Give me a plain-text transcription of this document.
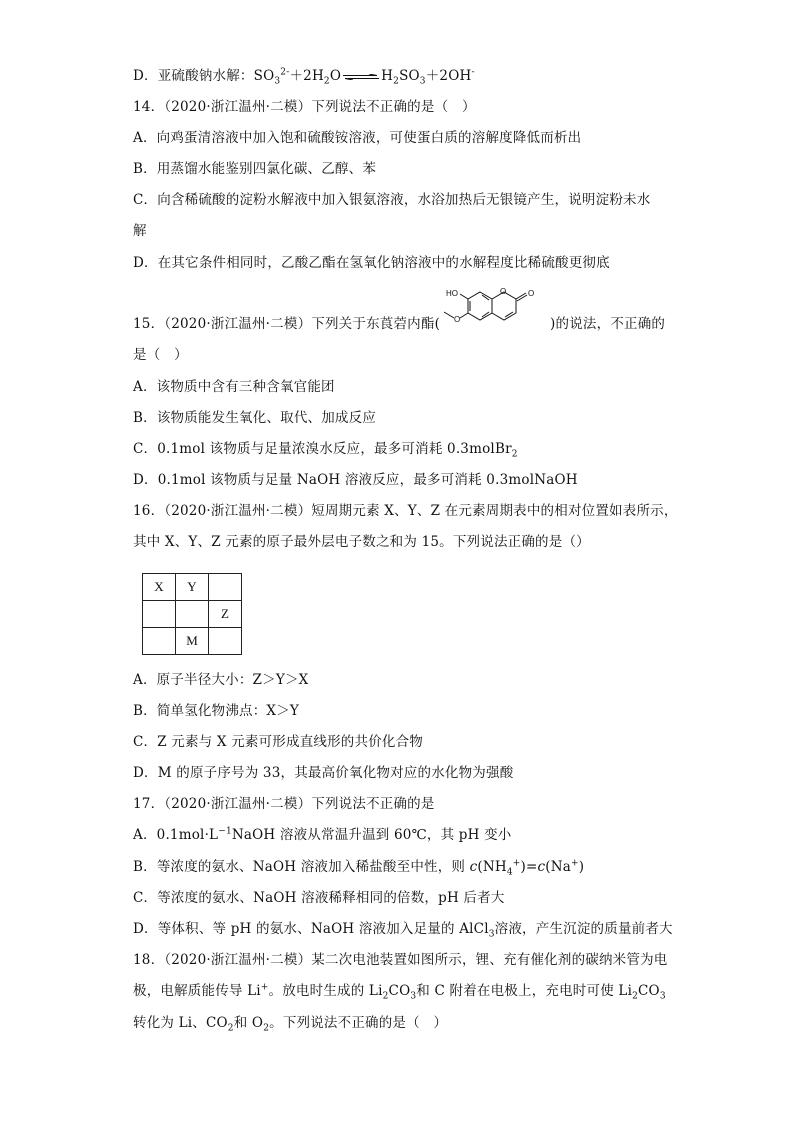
D．亚硫酸钠水解：$SO_3^{2-}+2H_2O$ ⇌ $H_2SO_3+2OH^-$
14．（2020·浙江温州·二模）下列说法不正确的是（　）
A．向鸡蛋清溶液中加入饱和硫酸铵溶液，可使蛋白质的溶解度降低而析出
B．用蒸馏水能鉴别四氯化碳、乙醇、苯
C．向含稀硫酸的淀粉水解液中加入银氨溶液，水浴加热后无银镜产生，说明淀粉未水
解
D．在其它条件相同时，乙酸乙酯在氢氧化钠溶液中的水解程度比稀硫酸更彻底
15．（2020·浙江温州·二模）下列关于东莨菪内酯(	)的说法，不正确的
HO	O	O
O
是（　）
A．该物质中含有三种含氧官能团
B．该物质能发生氧化、取代、加成反应
C．0.1mol 该物质与足量浓溴水反应，最多可消耗 0.3molBr$_2$
D．0.1mol 该物质与足量 NaOH 溶液反应，最多可消耗 0.3molNaOH
16．（2020·浙江温州·二模）短周期元素 X、Y、Z 在元素周期表中的相对位置如表所示，
其中 X、Y、Z 元素的原子最外层电子数之和为 15。下列说法正确的是（）
X	Y	
		Z
	M	
A．原子半径大小：Z＞Y＞X
B．简单氢化物沸点：X＞Y
C．Z 元素与 X 元素可形成直线形的共价化合物
D．M 的原子序号为 33，其最高价氧化物对应的水化物为强酸
17．（2020·浙江温州·二模）下列说法不正确的是
A．$0.1mol\cdot L^{-1}NaOH$ 溶液从常温升温到 60℃，其 pH 变小
B．等浓度的氨水、NaOH 溶液加入稀盐酸至中性，则 $c(NH_4^+)=c(Na^+)$
C．等浓度的氨水、NaOH 溶液稀释相同的倍数，pH 后者大
D．等体积、等 pH 的氨水、NaOH 溶液加入足量的 AlCl$_3$溶液，产生沉淀的质量前者大
18．（2020·浙江温州·二模）某二次电池装置如图所示，锂、充有催化剂的碳纳米管为电
极，电解质能传导 Li+。放电时生成的 $Li_2CO_3$和 C 附着在电极上，充电时可使 $Li_2CO_3$
转化为 Li、$CO_2$和 $O_2$。下列说法不正确的是（　）
